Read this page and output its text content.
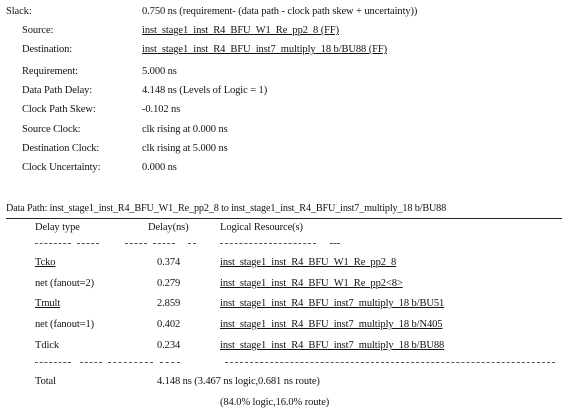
Slack:	0.750 ns (requirement- (data path - clock path skew + uncertainty))
Source:	inst_stage1_inst_R4_BFU_W1_Re_pp2_8 (FF)
Destination:	inst_stage1_inst_R4_BFU_inst7_multiply_18 b/BU88 (FF)
Requirement:	5.000 ns
Data Path Delay:	4.148 ns (Levels of Logic = 1)
Clock Path Skew:	-0.102 ns
Source Clock:	clk rising at 0.000 ns
Destination Clock:	clk rising at 5.000 ns
Clock Uncertainty:	0.000 ns
Data Path: inst_stage1_inst_R4_BFU_W1_Re_pp2_8 to inst_stage1_inst_R4_BFU_inst7_multiply_18 b/BU88
Delay type	Delay(ns)	Logical Resource(s)
Tcko	0.374	inst_stage1_inst_R4_BFU_W1_Re_pp2_8
net (fanout=2)	0.279	inst_stage1_inst_R4_BFU_W1_Re_pp2<8>
Tmult	2.859	inst_stage1_inst_R4_BFU_inst7_multiply_18 b/BU51
net (fanout=1)	0.402	inst_stage1_inst_R4_BFU_inst7_multiply_18 b/N405
Tdick	0.234	inst_stage1_inst_R4_BFU_inst7_multiply_18 b/BU88
Total	4.148 ns (3.467 ns logic,0.681 ns route)
(84.0% logic,16.0% route)
